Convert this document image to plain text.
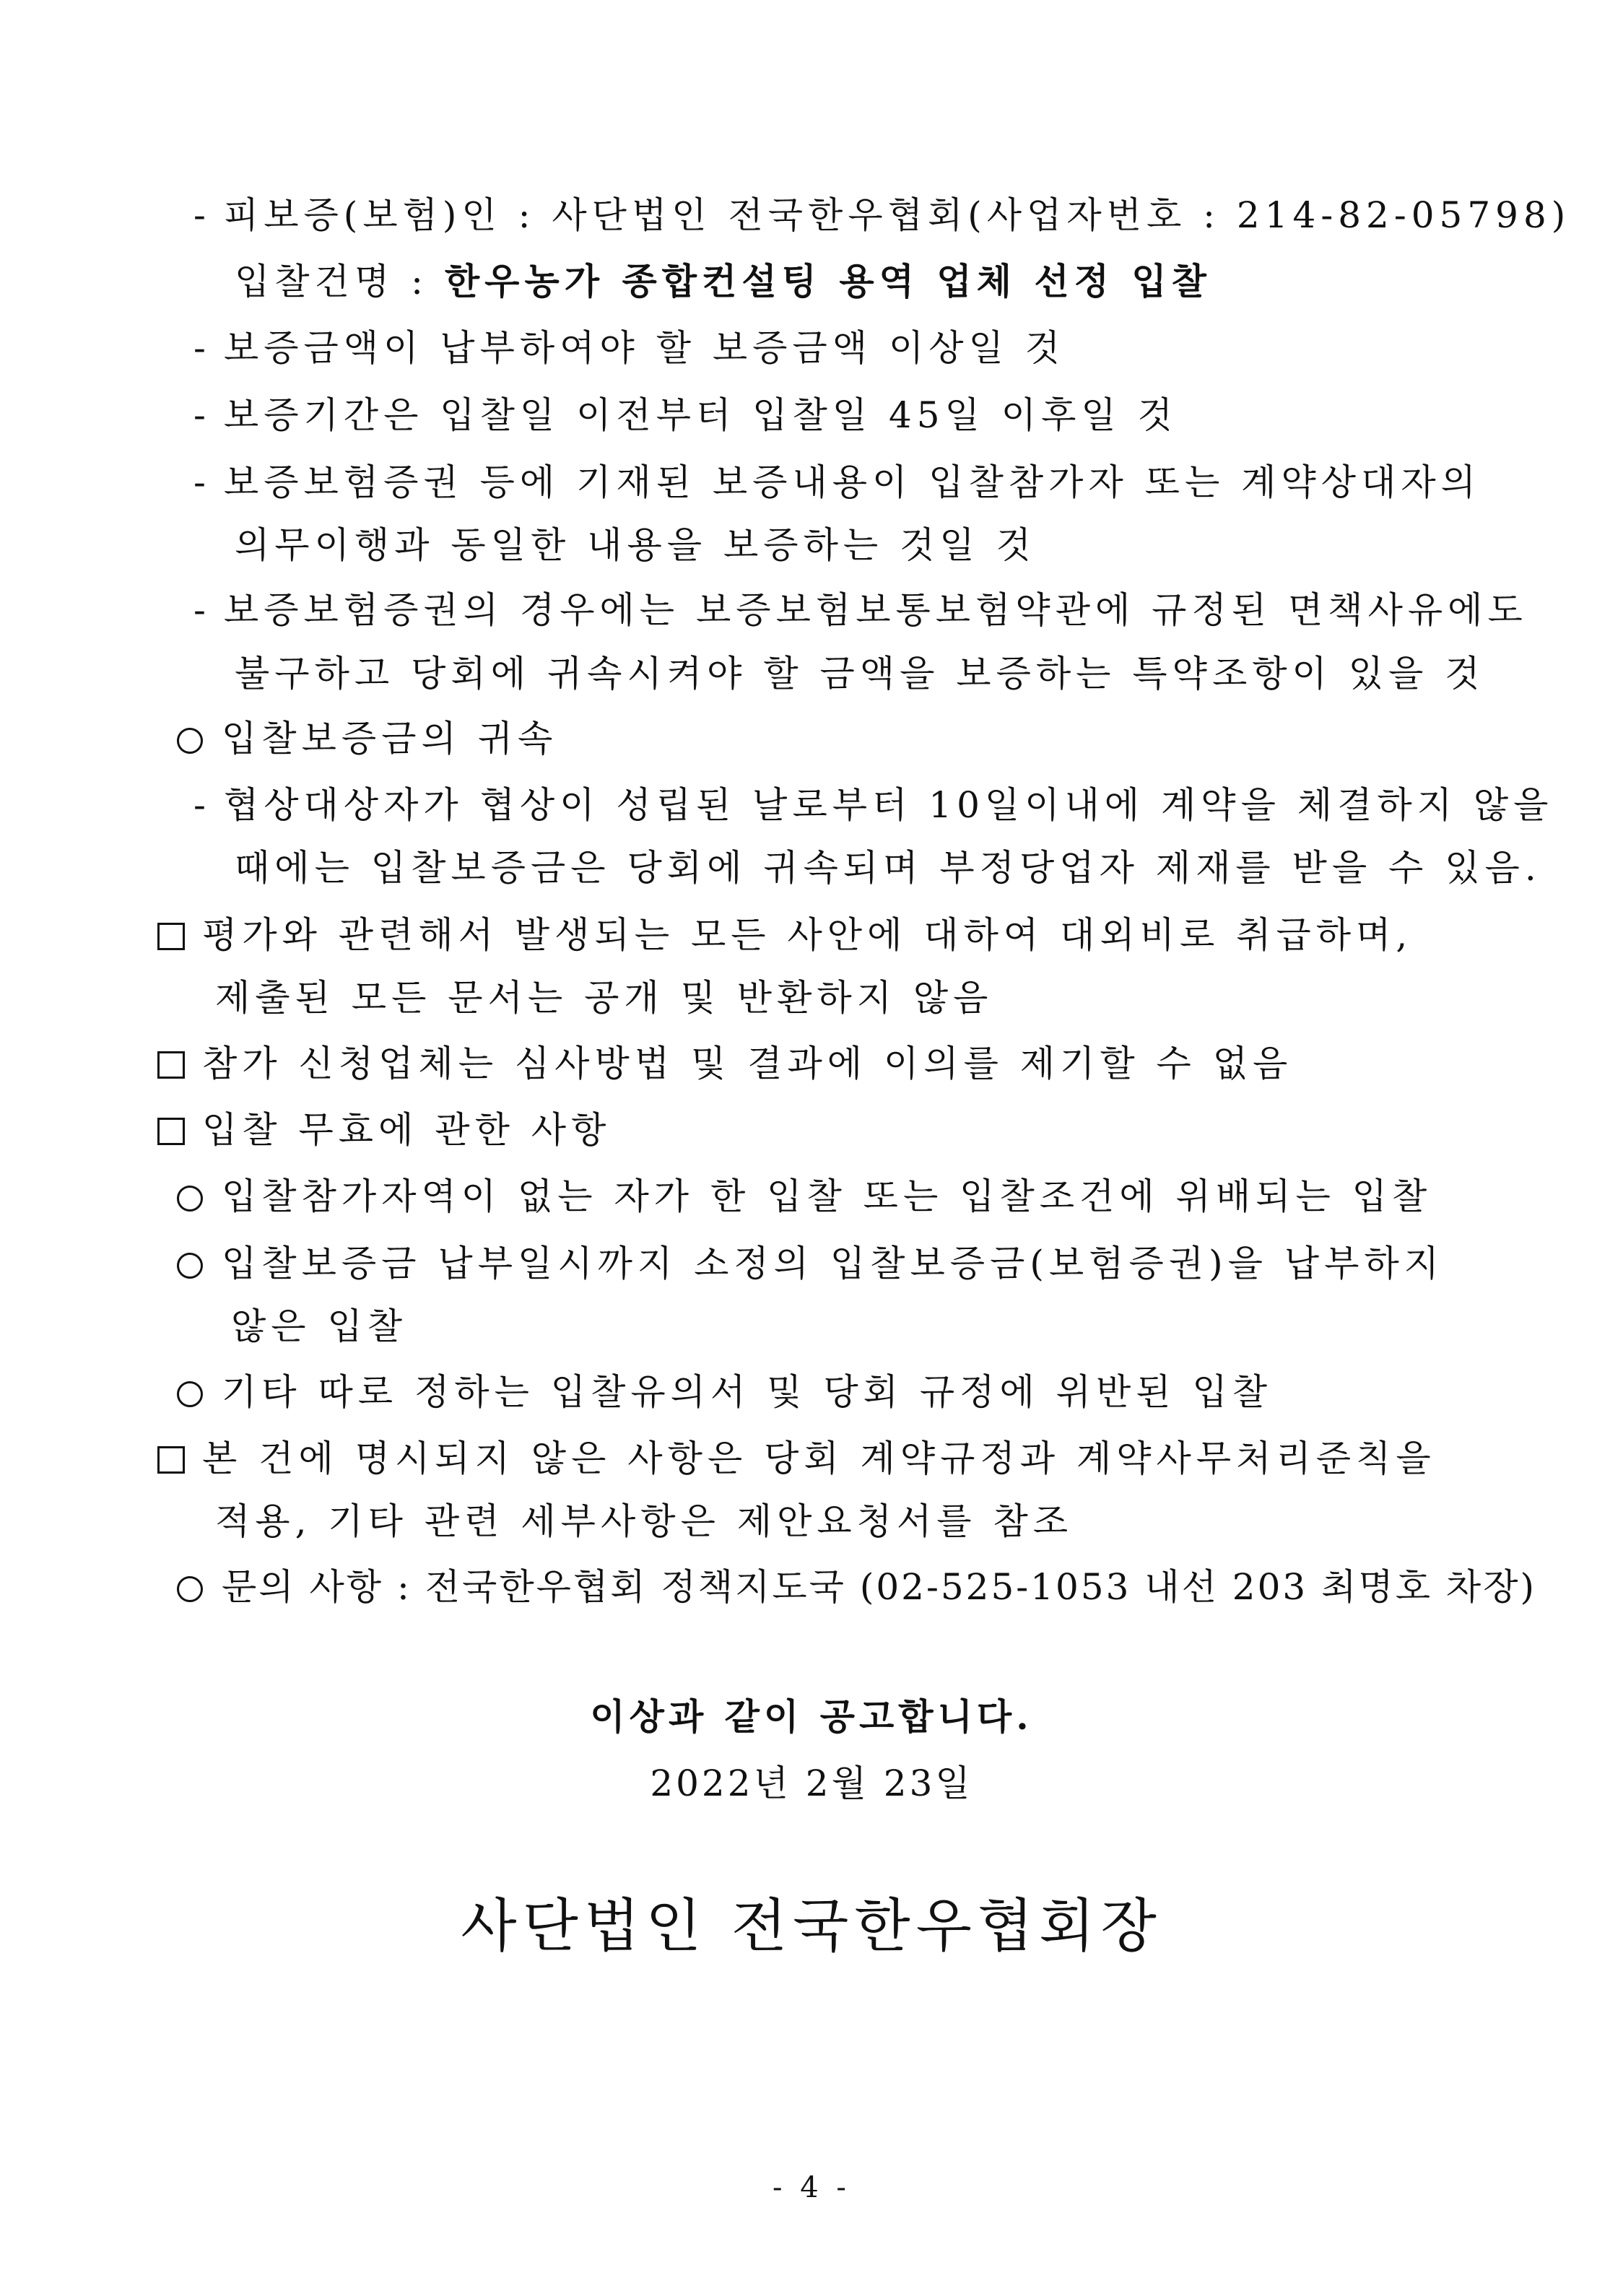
- 피보증(보험)인 : 사단법인 전국한우협회(사업자번호 : 214-82-05798)
입찰건명 : 한우농가 종합컨설팅 용역 업체 선정 입찰
- 보증금액이 납부하여야 할 보증금액 이상일 것
- 보증기간은 입찰일 이전부터 입찰일 45일 이후일 것
- 보증보험증권 등에 기재된 보증내용이 입찰참가자 또는 계약상대자의
의무이행과 동일한 내용을 보증하는 것일 것
- 보증보험증권의 경우에는 보증보험보통보험약관에 규정된 면책사유에도
불구하고 당회에 귀속시켜야 할 금액을 보증하는 특약조항이 있을 것
입찰보증금의 귀속
- 협상대상자가 협상이 성립된 날로부터 10일이내에 계약을 체결하지 않을
때에는 입찰보증금은 당회에 귀속되며 부정당업자 제재를 받을 수 있음.
평가와 관련해서 발생되는 모든 사안에 대하여 대외비로 취급하며,
제출된 모든 문서는 공개 및 반환하지 않음
참가 신청업체는 심사방법 및 결과에 이의를 제기할 수 없음
입찰 무효에 관한 사항
입찰참가자역이 없는 자가 한 입찰 또는 입찰조건에 위배되는 입찰
입찰보증금 납부일시까지 소정의 입찰보증금(보험증권)을 납부하지
않은 입찰
기타 따로 정하는 입찰유의서 및 당회 규정에 위반된 입찰
본 건에 명시되지 않은 사항은 당회 계약규정과 계약사무처리준칙을
적용, 기타 관련 세부사항은 제안요청서를 참조
문의 사항 : 전국한우협회 정책지도국 (02-525-1053 내선 203 최명호 차장)
이상과 같이 공고합니다.
2022년 2월 23일
사단법인 전국한우협회장
- 4 -
